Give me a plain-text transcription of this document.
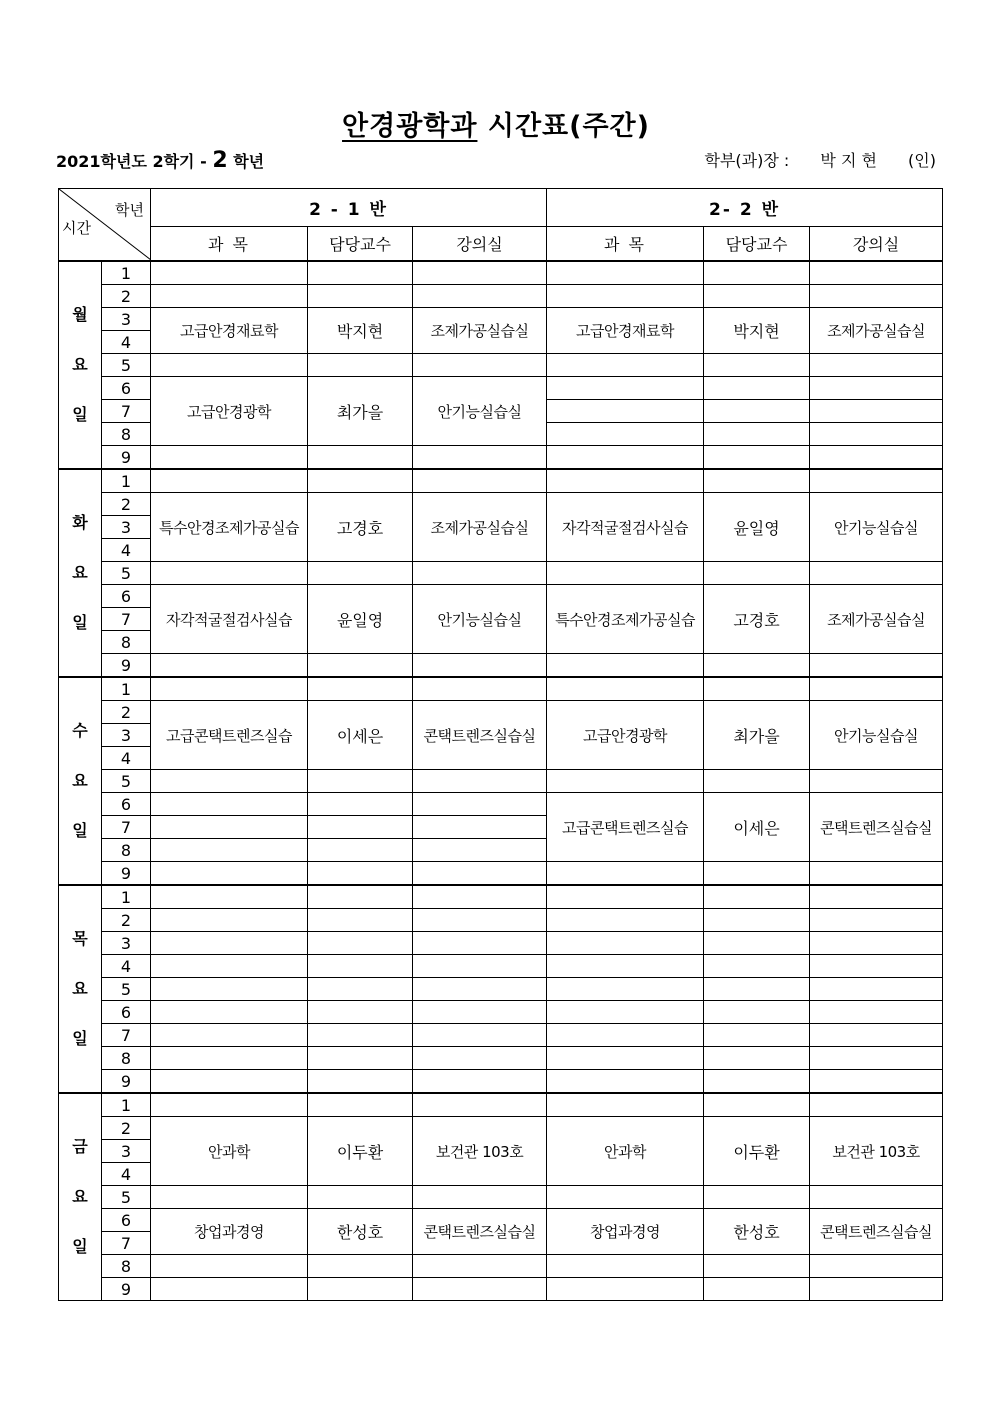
안경광학과 시간표(주간)
2021학년도 2학기 - 2 학년	학부(과)장 : 박 지 현 (인)
학년
시간		2 - 1 반			2- 2 반		
		과 목	담당교수	강의실	과 목	담당교수	강의실

월
요
일	1						
	2						
	3	고급안경재료학	박지현	조제가공실습실	고급안경재료학	박지현	조제가공실습실
	4						
	5						
	6	고급안경광학	최가을	안기능실습실			
	7						
	8						
	9						

화
요
일	1						
	2	특수안경조제가공실습	고경호	조제가공실습실	자각적굴절검사실습	윤일영	안기능실습실
	3						
	4						
	5						
	6	자각적굴절검사실습	윤일영	안기능실습실	특수안경조제가공실습	고경호	조제가공실습실
	7						
	8						
	9						

수
요
일	1						
	2	고급콘택트렌즈실습	이세은	콘택트렌즈실습실	고급안경광학	최가을	안기능실습실
	3						
	4						
	5						
	6				고급콘택트렌즈실습	이세은	콘택트렌즈실습실
	7						
	8						
	9						

목
요
일	1						
	2						
	3						
	4						
	5						
	6						
	7						
	8						
	9						

금
요
일	1						
	2	안과학	이두환	보건관 103호	안과학	이두환	보건관 103호
	3						
	4						
	5						
	6	창업과경영	한성호	콘택트렌즈실습실	창업과경영	한성호	콘택트렌즈실습실
	7						
	8						
	9						
